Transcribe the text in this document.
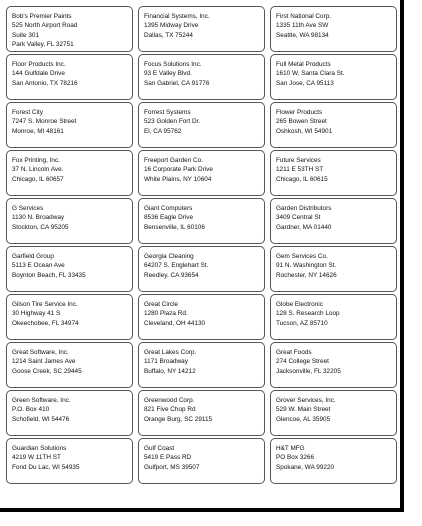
Bob's Premier Paints
525 North Airport Road
Suite 301
Park Valley, FL 32751
Financial Systems, Inc.
1395 Midway Drive
Dallas, TX 75244
First National Corp.
1335 11th Ave SW
Seattle, WA 98134
Floor Products Inc.
144 Gulfdale Drive
San Antonio, TX 78216
Focus Solutions Inc.
93 E Valley Blvd.
San Gabriel, CA 91776
Full Metal Products
1610 W. Santa Clara St.
San Jose, CA 95113
Forest City
7247 S. Monroe Street
Monroe, MI 48161
Forrest Systems
523 Golden Fort Dr.
El, CA 95762
Flower Products
265 Bowen Street
Oshkosh, WI 54901
Fox Printing, Inc.
37 N. Lincoln Ave.
Chicago, IL 60657
Freeport Garden Co.
16 Corporate Park Drive
White Plains, NY 10604
Future Services
1211 E 53TH ST
Chicago, IL 60615
G Services
1130 N. Broadway
Stockton, CA 95205
Giant Computers
8536 Eagle Drive
Bensenville, IL 60106
Garden Distributors
3409 Central St
Gardner, MA 01440
Garfield Group
5113 E Ocean Ave
Boynton Beach, FL 33435
Georgia Cleaning
64207 S. Englehart St.
Reedley, CA 93654
Gem Services Co.
91 N. Washington St.
Rochester, NY 14626
Gilson Tire Service Inc.
30 Highway 41 S
Okeechobee, FL 34974
Great Circle
1280 Plaza Rd.
Cleveland, OH 44130
Globe Electronic
128 S. Research Loop
Tucson, AZ 85710
Great Software, Inc.
1214 Saint James Ave
Goose Creek, SC 29445
Great Lakes Corp.
1171 Broadway
Buffalo, NY 14212
Great Foods
274 College Street
Jacksonville, FL 32205
Green Software, Inc.
P.O. Box 410
Schofield, WI 54476
Greenwood Corp.
821 Five Chop Rd
Orange Burg, SC 29115
Grover Services, Inc.
529 W. Main Street
Glencoe, AL 35905
Guardian Solutions
4219 W 11TH ST
Fond Du Lac, WI 54935
Gulf Coast
5419 E Pass RD
Gulfport, MS 39507
H&T MFG
PO Box 3266
Spokane, WA 99220
